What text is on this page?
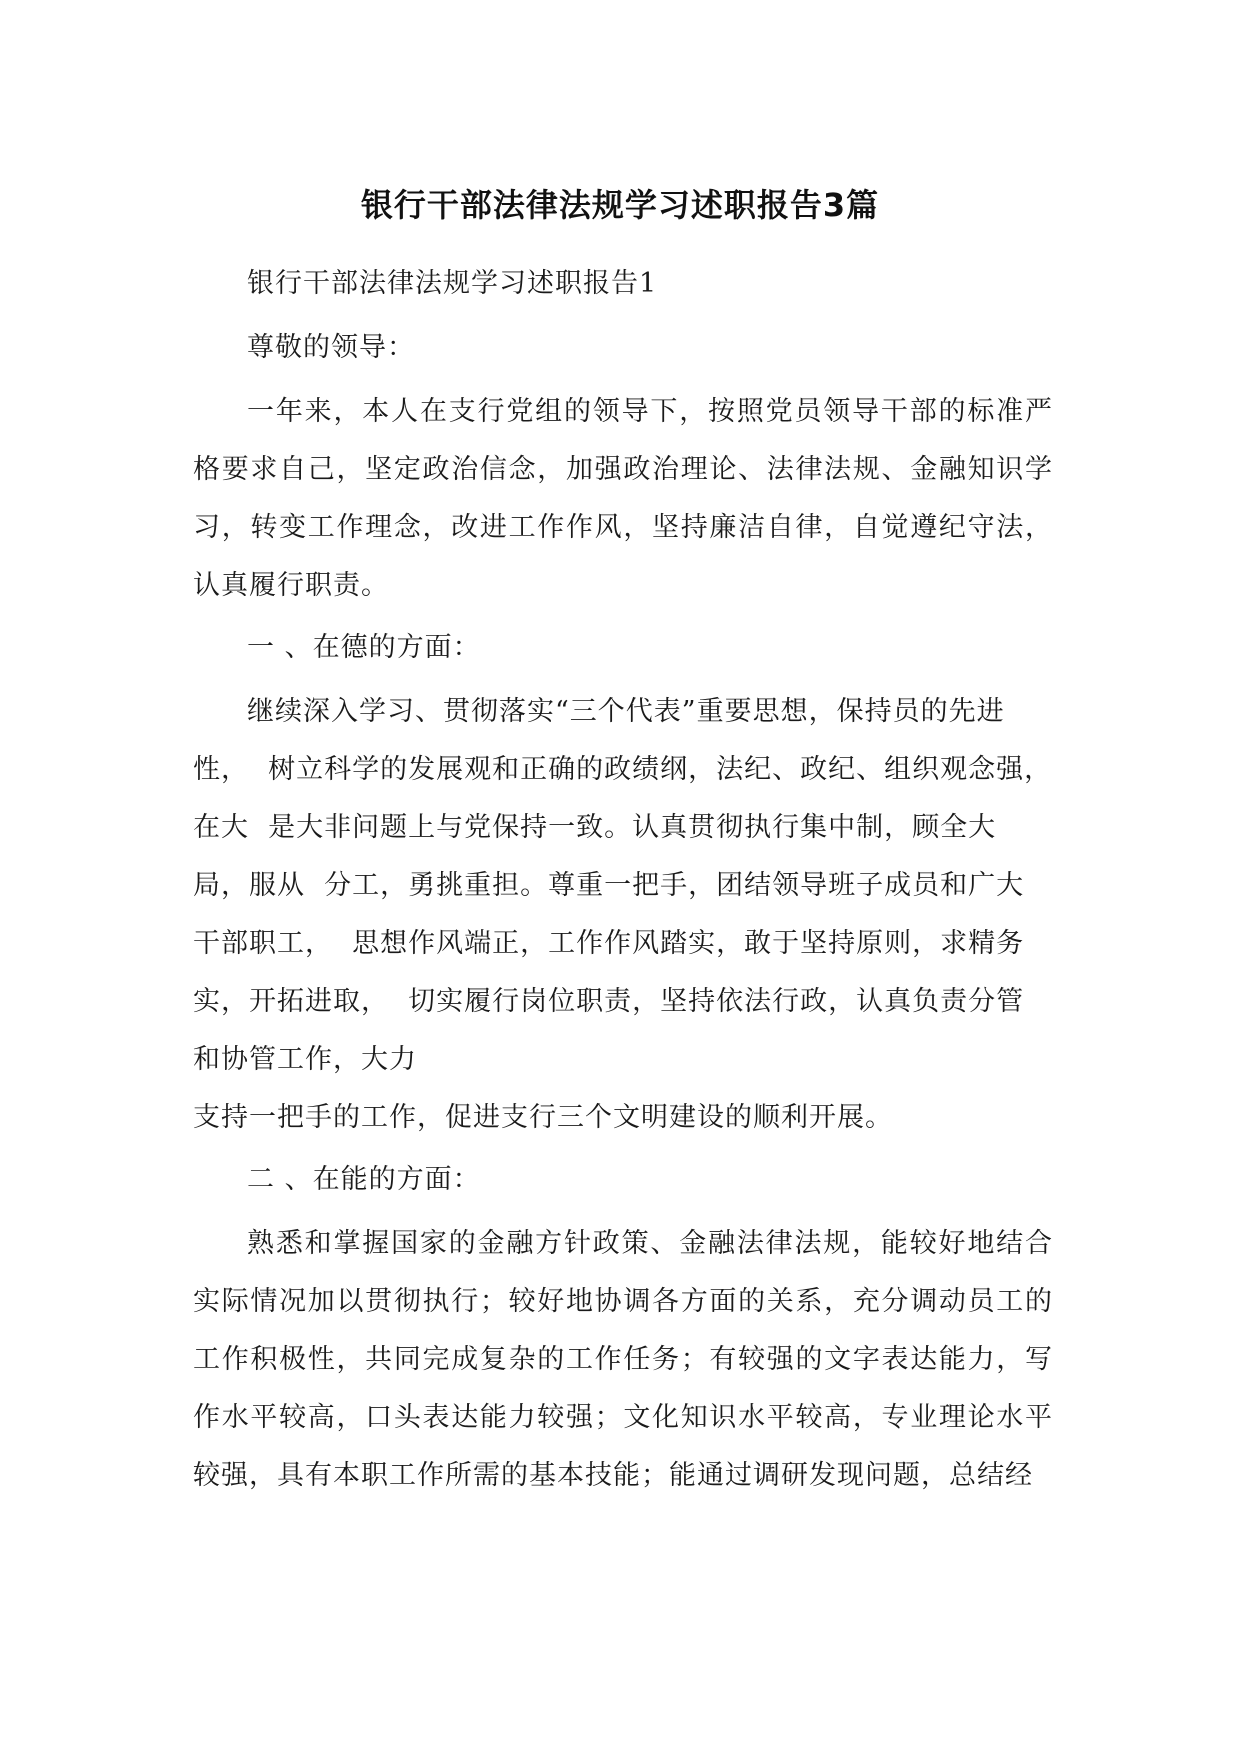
银行干部法律法规学习述职报告3篇

银行干部法律法规学习述职报告1

尊敬的领导：

一年来，本人在支行党组的领导下，按照党员领导干部的标准严格要求自己，坚定政治信念，加强政治理论、法律法规、金融知识学习，转变工作理念，改进工作作风，坚持廉洁自律，自觉遵纪守法，认真履行职责。

一 、在德的方面：

继续深入学习、贯彻落实“三个代表”重要思想，保持员的先进
性，  树立科学的发展观和正确的政绩纲，法纪、政纪、组织观念强，
在大  是大非问题上与党保持一致。认真贯彻执行集中制，顾全大
局，服从  分工，勇挑重担。尊重一把手，团结领导班子成员和广大
干部职工，  思想作风端正，工作作风踏实，敢于坚持原则，求精务
实，开拓进取，  切实履行岗位职责，坚持依法行政，认真负责分管
和协管工作，大力
支持一把手的工作，促进支行三个文明建设的顺利开展。

二 、在能的方面：

熟悉和掌握国家的金融方针政策、金融法律法规，能较好地结合实际情况加以贯彻执行；较好地协调各方面的关系，充分调动员工的工作积极性，共同完成复杂的工作任务；有较强的文字表达能力，写作水平较高，口头表达能力较强；文化知识水平较高，专业理论水平较强，具有本职工作所需的基本技能；能通过调研发现问题，总结经
